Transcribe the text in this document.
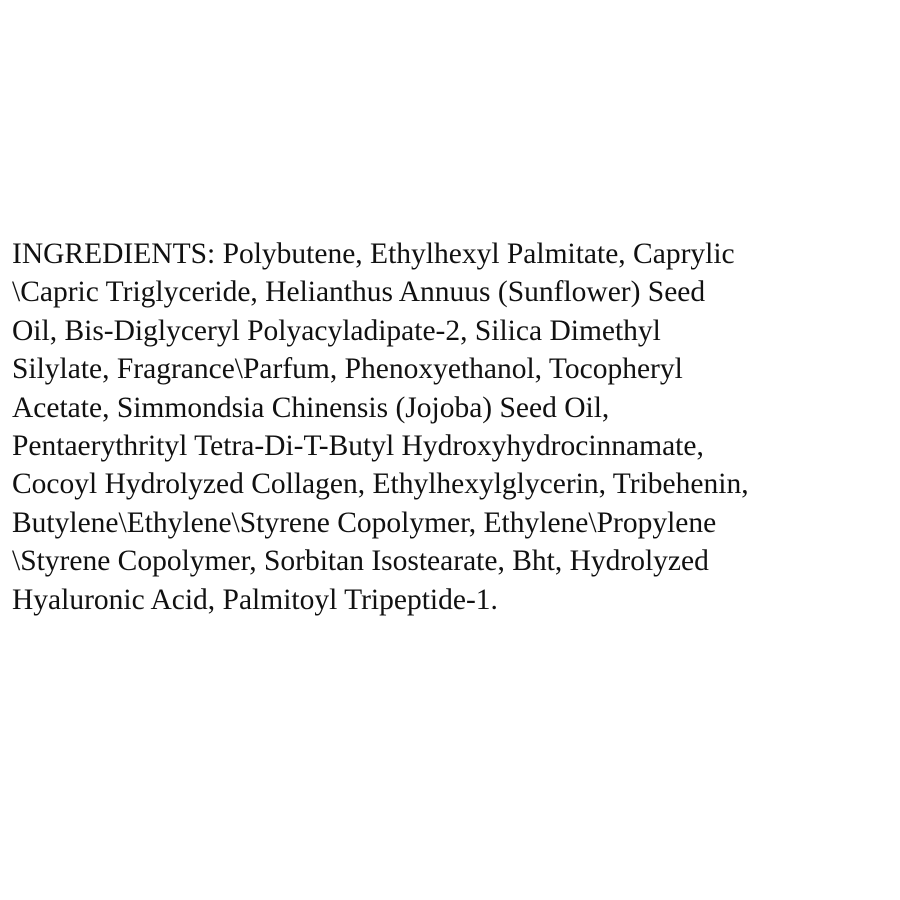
INGREDIENTS: Polybutene, Ethylhexyl Palmitate, Caprylic
\Capric Triglyceride, Helianthus Annuus (Sunflower) Seed
Oil, Bis-Diglyceryl Polyacyladipate-2, Silica Dimethyl
Silylate, Fragrance\Parfum, Phenoxyethanol, Tocopheryl
Acetate, Simmondsia Chinensis (Jojoba) Seed Oil,
Pentaerythrityl Tetra-Di-T-Butyl Hydroxyhydrocinnamate,
Cocoyl Hydrolyzed Collagen, Ethylhexylglycerin, Tribehenin,
Butylene\Ethylene\Styrene Copolymer, Ethylene\Propylene
\Styrene Copolymer, Sorbitan Isostearate, Bht, Hydrolyzed
Hyaluronic Acid, Palmitoyl Tripeptide-1.
